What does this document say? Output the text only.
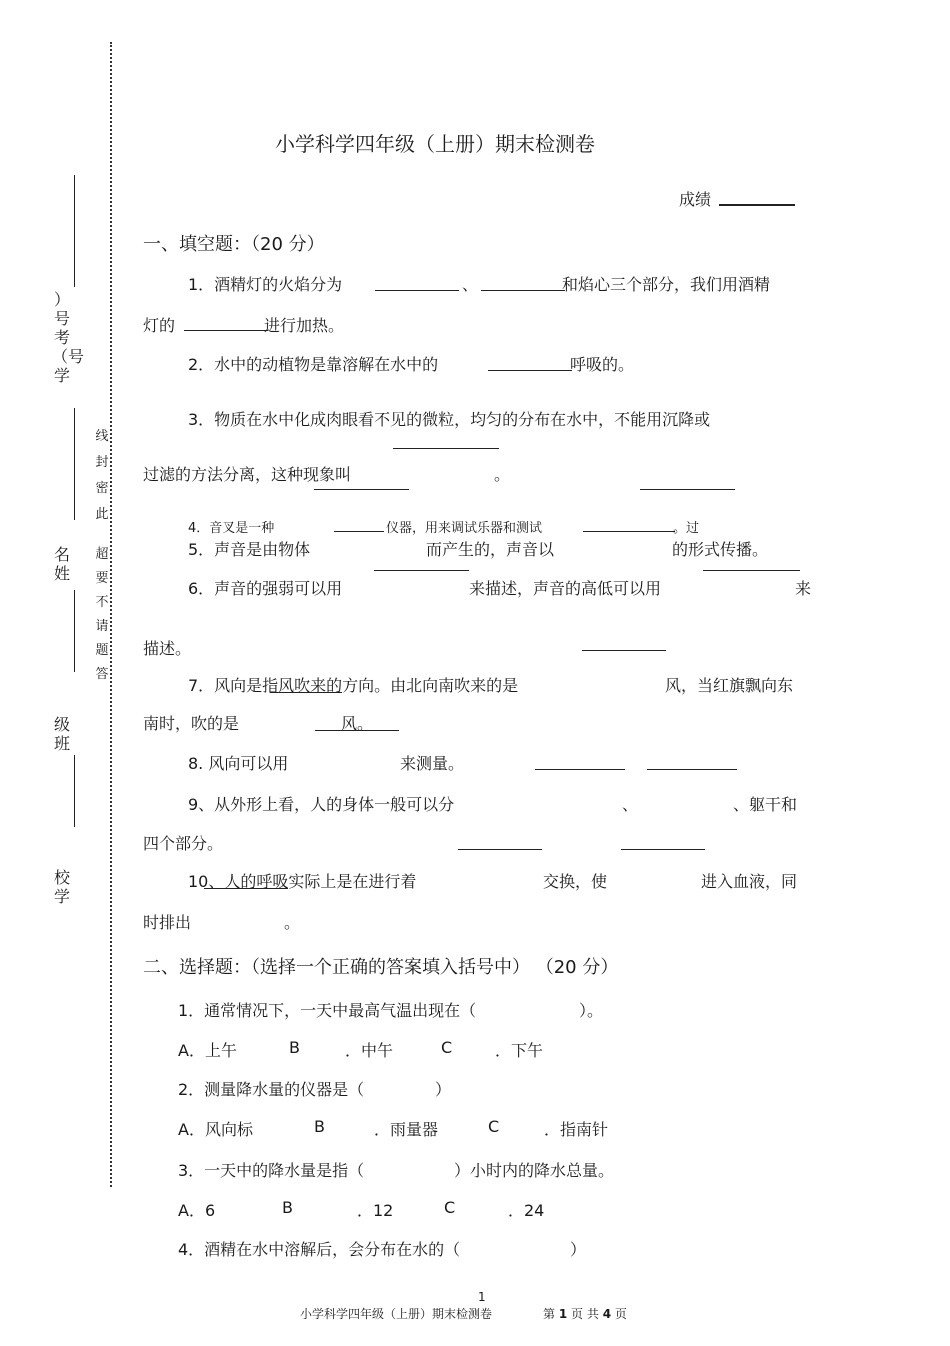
）号考（号学
名姓
级班
校学
线封密此
超要不请题答
小学科学四年级（上册）期末检测卷
成绩
一、填空题：（20 分）
1．酒精灯的火焰分为	、	和焰心三个部分，我们用酒精
灯的	进行加热。
2．水中的动植物是靠溶解在水中的	呼吸的。
3．物质在水中化成肉眼看不见的微粒，均匀的分布在水中，不能用沉降或
过滤的方法分离，这种现象叫	。
4．音叉是一种	仪器，用来调试乐器和测试	。过
5．声音是由物体	而产生的，声音以	的形式传播。
6．声音的强弱可以用	来描述，声音的高低可以用	来
描述。
7．风向是指风吹来的方向。由北向南吹来的是	风，当红旗飘向东
南时，吹的是	风。
8. 风向可以用	来测量。
9、从外形上看，人的身体一般可以分	、	、躯干和
四个部分。
10、人的呼吸实际上是在进行着	交换，使	进入血液，同
时排出	。
二、选择题：（选择一个正确的答案填入括号中） （20 分）
1．通常情况下，一天中最高气温出现在（	）。
A．上午	B	．中午	C	．下午
2．测量降水量的仪器是（	）
A．风向标	B	．雨量器	C	．指南针
3．一天中的降水量是指（	）小时内的降水总量。
A．6	B	．12	C	．24
4．酒精在水中溶解后，会分布在水的（	）
1
小学科学四年级（上册）期末检测卷	第 1 页 共 4 页
